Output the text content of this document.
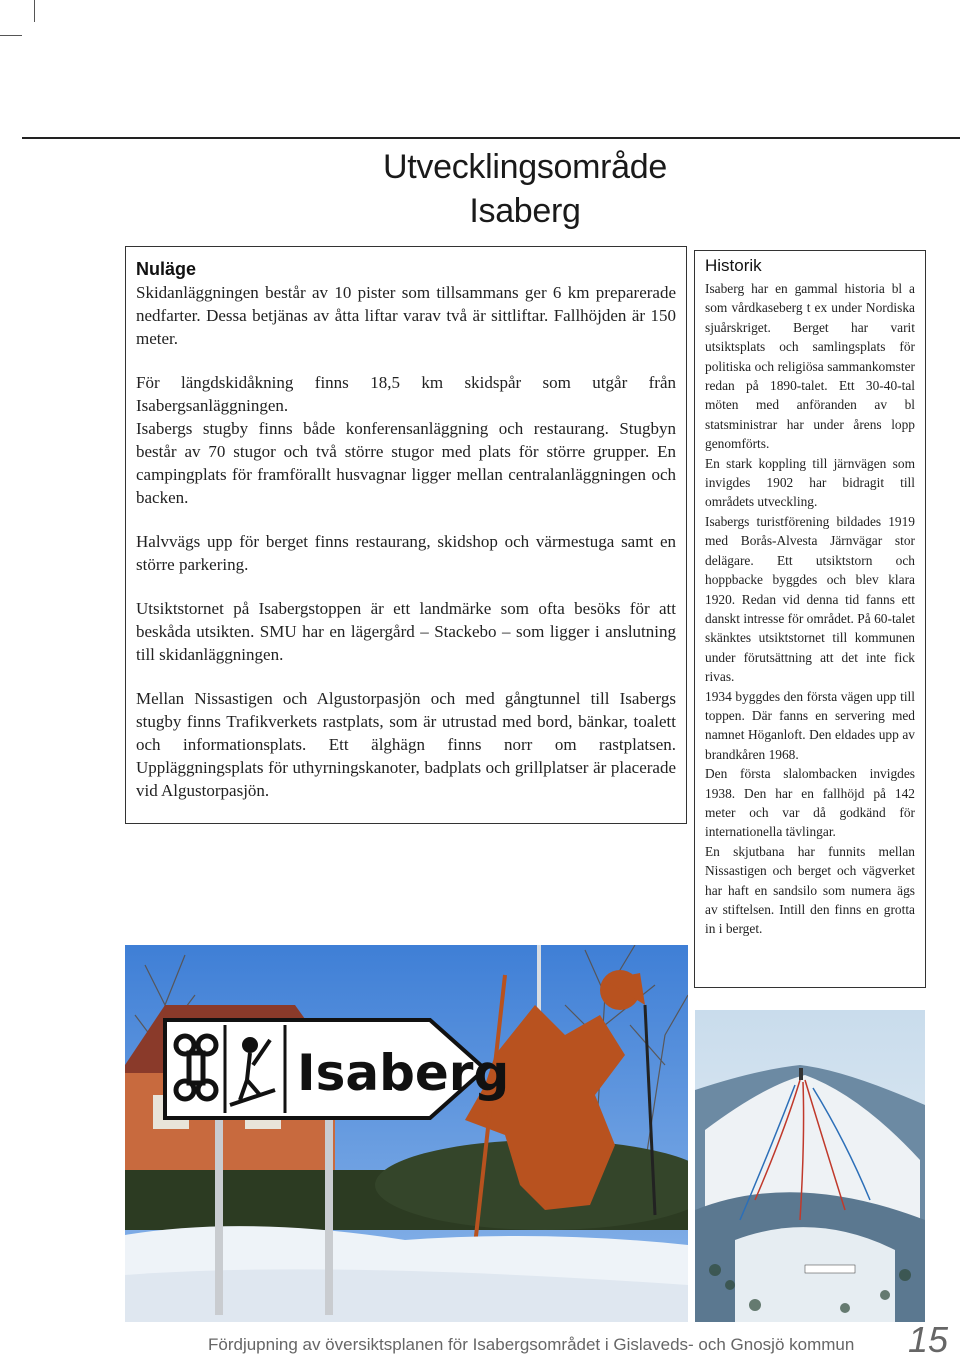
Utvecklingsområde
Isaberg
Nuläge

Skidanläggningen består av 10 pister som tillsammans ger 6 km preparerade nedfarter. Dessa betjänas av åtta liftar varav två är sittliftar. Fallhöjden är 150 meter.

För längdskidåkning finns 18,5 km skidspår som utgår från Isabergsanläggningen.

Isabergs stugby finns både konferensanläggning och restaurang. Stugbyn består av 70 stugor och två större stugor med plats för större grupper. En campingplats för framförallt husvagnar ligger mellan centralanläggningen och backen.

Halvvägs upp för berget finns restaurang, skidshop och värmestuga samt en större parkering.

Utsiktstornet på Isabergstoppen är ett landmärke som ofta besöks för att beskåda utsikten. SMU har en lägergård – Stackebo – som ligger i anslutning till skidanläggningen.

Mellan Nissastigen och Algustorpasjön och med gångtunnel till Isabergs stugby finns Trafikverkets rastplats, som är utrustad med bord, bänkar, toalett och informationsplats. Ett älghägn finns norr om rastplatsen. Uppläggningsplats för uthyrningskanoter, badplats och grillplatser är placerade vid Algustorpasjön.

Historik

Isaberg har en gammal historia bl a som vårdkaseberg t ex under Nordiska sjuårskriget. Berget har varit utsiktsplats och samlingsplats för politiska och religiösa sammankomster redan på 1890-talet. Ett 30-40-tal möten med anföranden av bl statsministrar har under årens lopp genomförts.

En stark koppling till järnvägen som invigdes 1902 har bidragit till områdets utveckling.

Isabergs turistförening bildades 1919 med Borås-Alvesta Järnvägar stor delägare. Ett utsiktstorn och hoppbacke byggdes och blev klara 1920. Redan vid denna tid fanns ett danskt intresse för området. På 60-talet skänktes utsiktstornet till kommunen under förutsättning att det inte fick rivas.

1934 byggdes den första vägen upp till toppen. Där fanns en servering med namnet Höganloft. Den eldades upp av brandkåren 1968.

Den första slalombacken invigdes 1938. Den har en fallhöjd på 142 meter och var då godkänd för internationella tävlingar.

En skjutbana har funnits mellan Nissastigen och berget och vägverket har haft en sandsilo som numera ägs av stiftelsen. Intill den finns en grotta in i berget.

Isaberg
Fördjupning av översiktsplanen för Isabergsområdet i Gislaveds- och Gnosjö kommun 15
